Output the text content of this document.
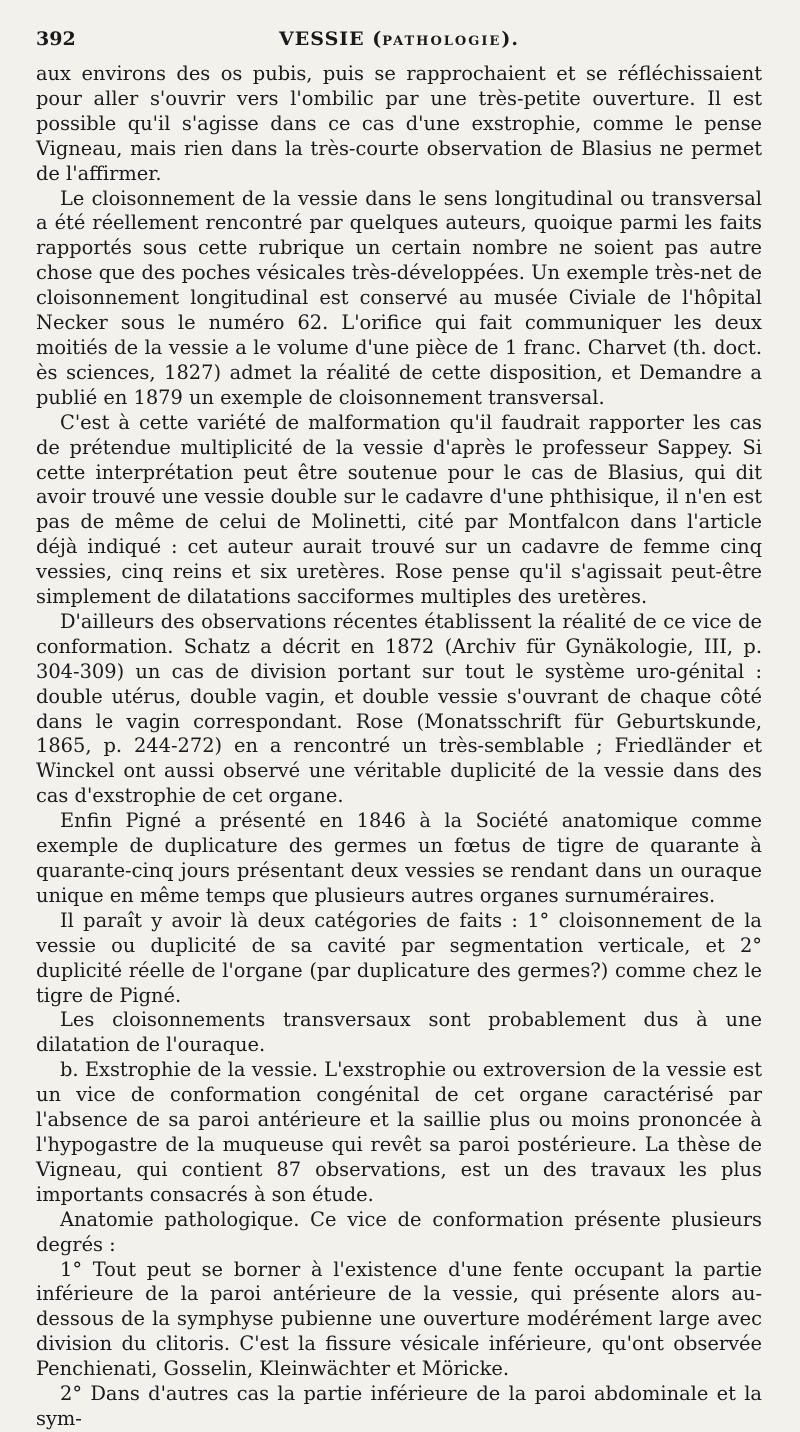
392	VESSIE (PATHOLOGIE).

aux environs des os pubis, puis se rapprochaient et se réfléchissaient pour aller s'ouvrir vers l'ombilic par une très-petite ouverture. Il est possible qu'il s'agisse dans ce cas d'une exstrophie, comme le pense Vigneau, mais rien dans la très-courte observation de Blasius ne permet de l'affirmer.

Le cloisonnement de la vessie dans le sens longitudinal ou transversal a été réellement rencontré par quelques auteurs, quoique parmi les faits rapportés sous cette rubrique un certain nombre ne soient pas autre chose que des poches vésicales très-développées. Un exemple très-net de cloisonnement longitudinal est conservé au musée Civiale de l'hôpital Necker sous le numéro 62. L'orifice qui fait communiquer les deux moitiés de la vessie a le volume d'une pièce de 1 franc. Charvet (th. doct. ès sciences, 1827) admet la réalité de cette disposition, et Demandre a publié en 1879 un exemple de cloisonnement transversal.

C'est à cette variété de malformation qu'il faudrait rapporter les cas de prétendue multiplicité de la vessie d'après le professeur Sappey. Si cette interprétation peut être soutenue pour le cas de Blasius, qui dit avoir trouvé une vessie double sur le cadavre d'une phthisique, il n'en est pas de même de celui de Molinetti, cité par Montfalcon dans l'article déjà indiqué : cet auteur aurait trouvé sur un cadavre de femme cinq vessies, cinq reins et six uretères. Rose pense qu'il s'agissait peut-être simplement de dilatations sacciformes multiples des uretères.

D'ailleurs des observations récentes établissent la réalité de ce vice de conformation. Schatz a décrit en 1872 (Archiv für Gynäkologie, III, p. 304-309) un cas de division portant sur tout le système uro-génital : double utérus, double vagin, et double vessie s'ouvrant de chaque côté dans le vagin correspondant. Rose (Monatsschrift für Geburtskunde, 1865, p. 244-272) en a rencontré un très-semblable ; Friedländer et Winckel ont aussi observé une véritable duplicité de la vessie dans des cas d'exstrophie de cet organe.

Enfin Pigné a présenté en 1846 à la Société anatomique comme exemple de duplicature des germes un fœtus de tigre de quarante à quarante-cinq jours présentant deux vessies se rendant dans un ouraque unique en même temps que plusieurs autres organes surnuméraires.

Il paraît y avoir là deux catégories de faits : 1° cloisonnement de la vessie ou duplicité de sa cavité par segmentation verticale, et 2° duplicité réelle de l'organe (par duplicature des germes?) comme chez le tigre de Pigné.

Les cloisonnements transversaux sont probablement dus à une dilatation de l'ouraque.

b. Exstrophie de la vessie. L'exstrophie ou extroversion de la vessie est un vice de conformation congénital de cet organe caractérisé par l'absence de sa paroi antérieure et la saillie plus ou moins prononcée à l'hypogastre de la muqueuse qui revêt sa paroi postérieure. La thèse de Vigneau, qui contient 87 observations, est un des travaux les plus importants consacrés à son étude.

Anatomie pathologique. Ce vice de conformation présente plusieurs degrés :

1° Tout peut se borner à l'existence d'une fente occupant la partie inférieure de la paroi antérieure de la vessie, qui présente alors au-dessous de la symphyse pubienne une ouverture modérément large avec division du clitoris. C'est la fissure vésicale inférieure, qu'ont observée Penchienati, Gosselin, Kleinwächter et Möricke.

2° Dans d'autres cas la partie inférieure de la paroi abdominale et la sym-
